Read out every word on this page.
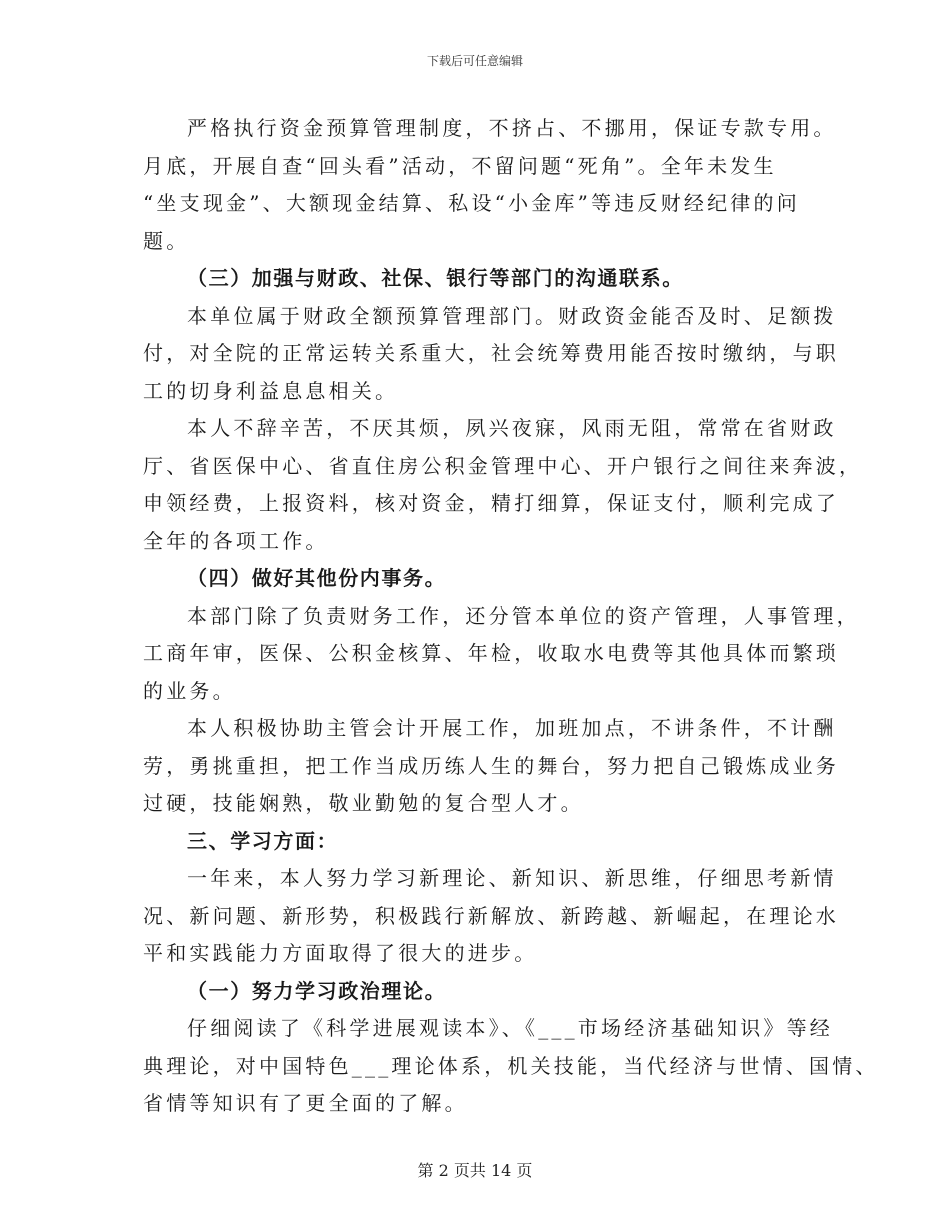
下载后可任意编辑
严格执行资金预算管理制度，不挤占、不挪用，保证专款专用。
月底，开展自查“回头看”活动，不留问题“死角”。全年未发生
“坐支现金”、大额现金结算、私设“小金库”等违反财经纪律的问
题。
（三）加强与财政、社保、银行等部门的沟通联系。
本单位属于财政全额预算管理部门。财政资金能否及时、足额拨
付，对全院的正常运转关系重大，社会统筹费用能否按时缴纳，与职
工的切身利益息息相关。
本人不辞辛苦，不厌其烦，夙兴夜寐，风雨无阻，常常在省财政
厅、省医保中心、省直住房公积金管理中心、开户银行之间往来奔波，
申领经费，上报资料，核对资金，精打细算，保证支付，顺利完成了
全年的各项工作。
（四）做好其他份内事务。
本部门除了负责财务工作，还分管本单位的资产管理，人事管理，
工商年审，医保、公积金核算、年检，收取水电费等其他具体而繁琐
的业务。
本人积极协助主管会计开展工作，加班加点，不讲条件，不计酬
劳，勇挑重担，把工作当成历练人生的舞台，努力把自己锻炼成业务
过硬，技能娴熟，敬业勤勉的复合型人才。
三、学习方面：
一年来，本人努力学习新理论、新知识、新思维，仔细思考新情
况、新问题、新形势，积极践行新解放、新跨越、新崛起，在理论水
平和实践能力方面取得了很大的进步。
（一）努力学习政治理论。
仔细阅读了《科学进展观读本》、《___市场经济基础知识》等经
典理论，对中国特色___理论体系，机关技能，当代经济与世情、国情、
省情等知识有了更全面的了解。
第 2 页共 14 页
